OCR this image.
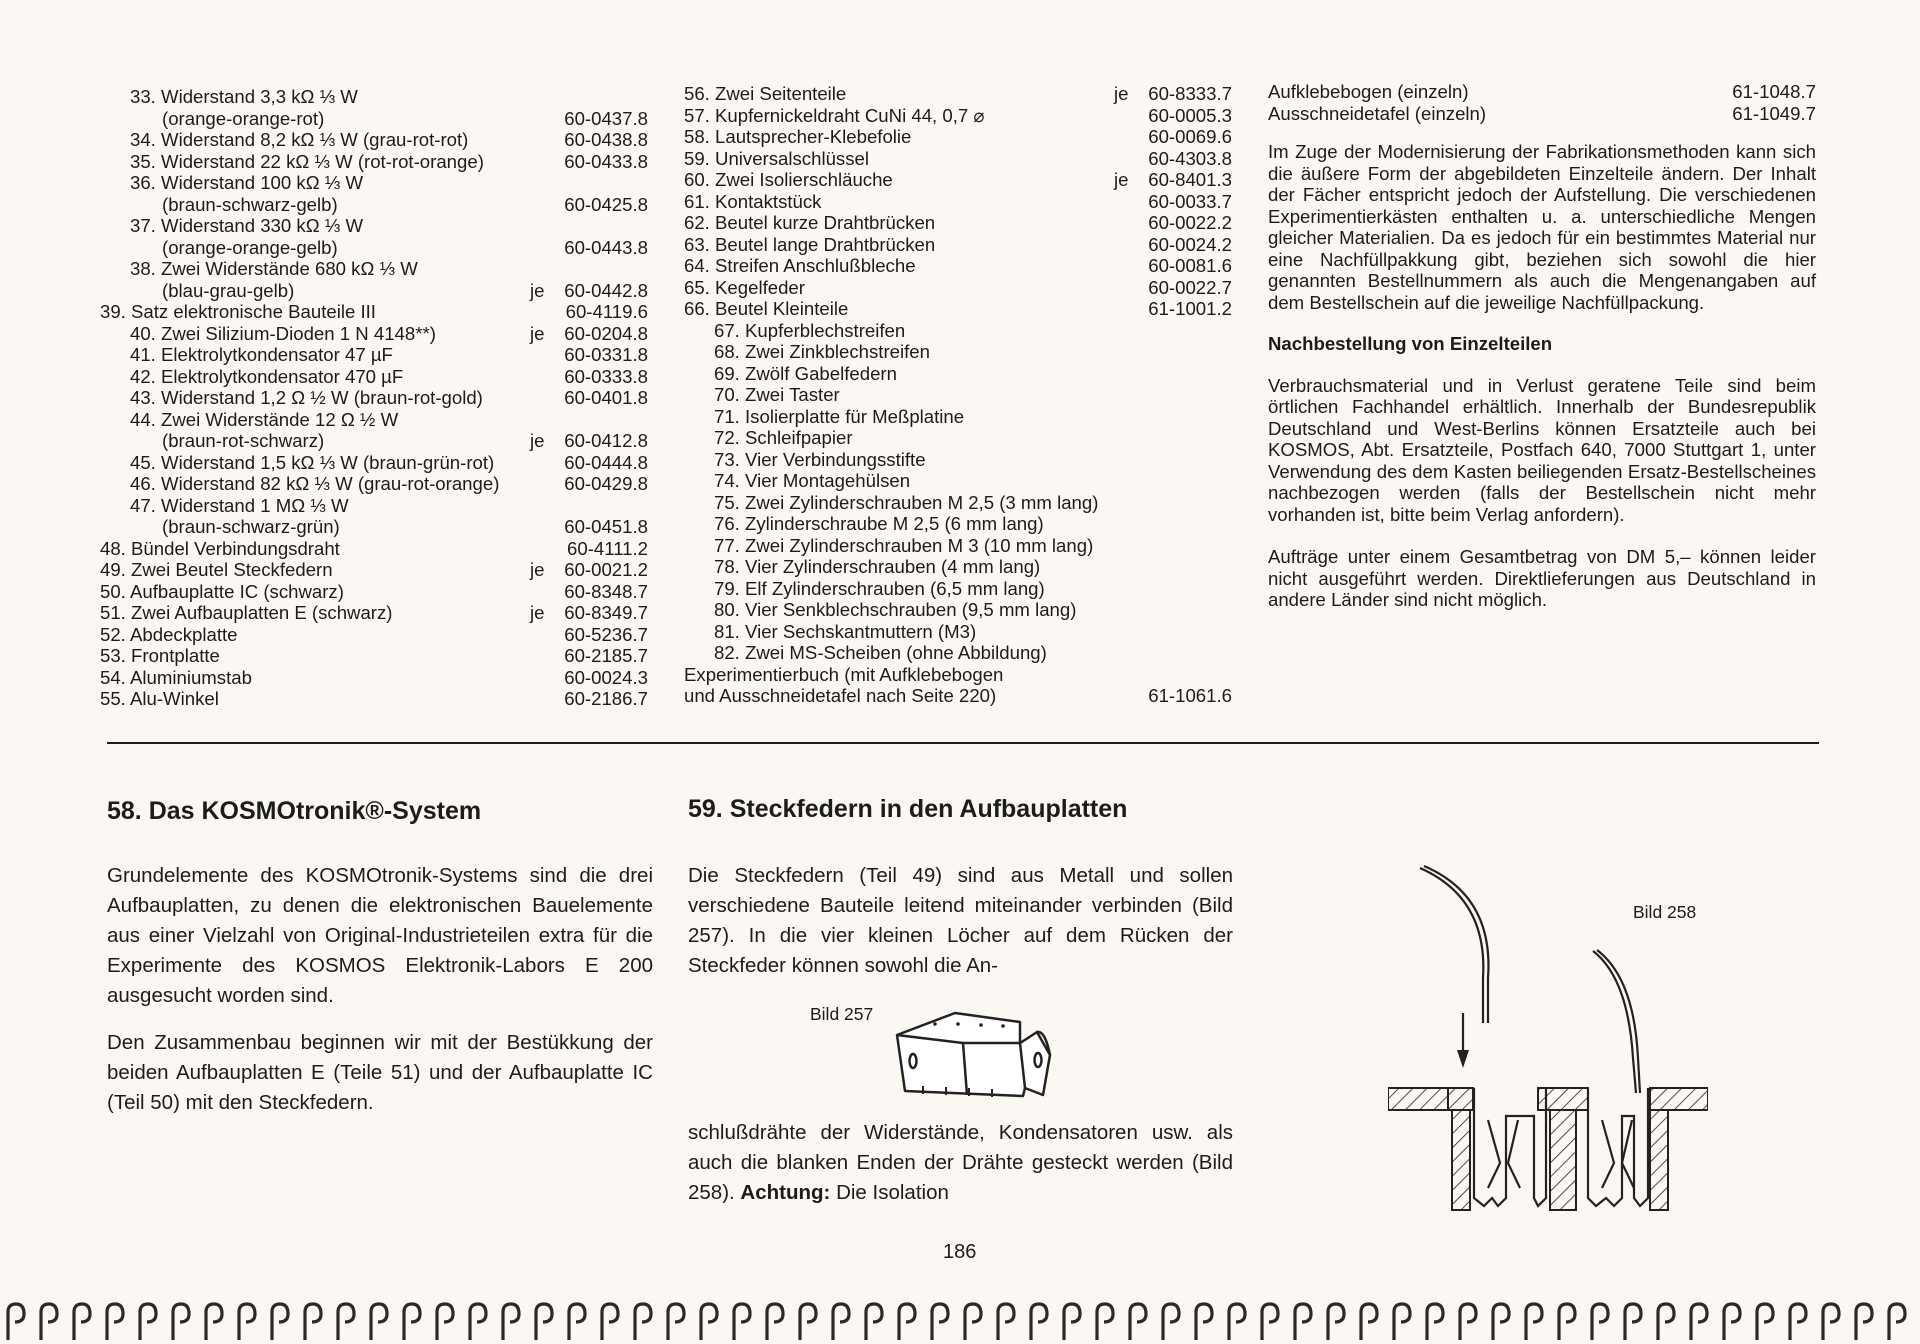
33. Widerstand 3,3 kΩ ⅓ W
(orange-orange-rot)	60-0437.8
34. Widerstand 8,2 kΩ ⅓ W (grau-rot-rot)	60-0438.8
35. Widerstand 22 kΩ ⅓ W (rot-rot-orange)	60-0433.8
36. Widerstand 100 kΩ ⅓ W
(braun-schwarz-gelb)	60-0425.8
37. Widerstand 330 kΩ ⅓ W
(orange-orange-gelb)	60-0443.8
38. Zwei Widerstände 680 kΩ ⅓ W
(blau-grau-gelb)	je	60-0442.8
39. Satz elektronische Bauteile III	60-4119.6
40. Zwei Silizium-Dioden 1 N 4148**)	je	60-0204.8
41. Elektrolytkondensator 47 µF	60-0331.8
42. Elektrolytkondensator 470 µF	60-0333.8
43. Widerstand 1,2 Ω ½ W (braun-rot-gold)	60-0401.8
44. Zwei Widerstände 12 Ω ½ W
(braun-rot-schwarz)	je	60-0412.8
45. Widerstand 1,5 kΩ ⅓ W (braun-grün-rot)	60-0444.8
46. Widerstand 82 kΩ ⅓ W (grau-rot-orange)	60-0429.8
47. Widerstand 1 MΩ ⅓ W
(braun-schwarz-grün)	60-0451.8
48. Bündel Verbindungsdraht	60-4111.2
49. Zwei Beutel Steckfedern	je	60-0021.2
50. Aufbauplatte IC (schwarz)	60-8348.7
51. Zwei Aufbauplatten E (schwarz)	je	60-8349.7
52. Abdeckplatte	60-5236.7
53. Frontplatte	60-2185.7
54. Aluminiumstab	60-0024.3
55. Alu-Winkel	60-2186.7
56. Zwei Seitenteile	je	60-8333.7
57. Kupfernickeldraht CuNi 44, 0,7 ⌀	60-0005.3
58. Lautsprecher-Klebefolie	60-0069.6
59. Universalschlüssel	60-4303.8
60. Zwei Isolierschläuche	je	60-8401.3
61. Kontaktstück	60-0033.7
62. Beutel kurze Drahtbrücken	60-0022.2
63. Beutel lange Drahtbrücken	60-0024.2
64. Streifen Anschlußbleche	60-0081.6
65. Kegelfeder	60-0022.7
66. Beutel Kleinteile	61-1001.2
67. Kupferblechstreifen
68. Zwei Zinkblechstreifen
69. Zwölf Gabelfedern
70. Zwei Taster
71. Isolierplatte für Meßplatine
72. Schleifpapier
73. Vier Verbindungsstifte
74. Vier Montagehülsen
75. Zwei Zylinderschrauben M 2,5 (3 mm lang)
76. Zylinderschraube M 2,5 (6 mm lang)
77. Zwei Zylinderschrauben M 3 (10 mm lang)
78. Vier Zylinderschrauben (4 mm lang)
79. Elf Zylinderschrauben (6,5 mm lang)
80. Vier Senkblechschrauben (9,5 mm lang)
81. Vier Sechskantmuttern (M3)
82. Zwei MS-Scheiben (ohne Abbildung)
Experimentierbuch (mit Aufklebebogen
und Ausschneidetafel nach Seite 220)	61-1061.6
Aufklebebogen (einzeln)	61-1048.7
Ausschneidetafel (einzeln)	61-1049.7

Im Zuge der Modernisierung der Fabrikationsmethoden kann sich die äußere Form der abgebildeten Einzelteile ändern. Der Inhalt der Fächer entspricht jedoch der Aufstellung. Die verschiedenen Experimentierkästen enthalten u. a. unterschiedliche Mengen gleicher Materialien. Da es jedoch für ein bestimmtes Material nur eine Nachfüllpakkung gibt, beziehen sich sowohl die hier genannten Bestellnummern als auch die Mengenangaben auf dem Bestellschein auf die jeweilige Nachfüllpackung.

Nachbestellung von Einzelteilen

Verbrauchsmaterial und in Verlust geratene Teile sind beim örtlichen Fachhandel erhältlich. Innerhalb der Bundesrepublik Deutschland und West-Berlins können Ersatzteile auch bei KOSMOS, Abt. Ersatzteile, Postfach 640, 7000 Stuttgart 1, unter Verwendung des dem Kasten beiliegenden Ersatz-Bestellscheines nachbezogen werden (falls der Bestellschein nicht mehr vorhanden ist, bitte beim Verlag anfordern).

Aufträge unter einem Gesamtbetrag von DM 5,– können leider nicht ausgeführt werden. Direktlieferungen aus Deutschland in andere Länder sind nicht möglich.

58. Das KOSMOtronik®-System

Grundelemente des KOSMOtronik-Systems sind die drei Aufbauplatten, zu denen die elektronischen Bauelemente aus einer Vielzahl von Original-Industrieteilen extra für die Experimente des KOSMOS Elektronik-Labors E 200 ausgesucht worden sind.

Den Zusammenbau beginnen wir mit der Bestükkung der beiden Aufbauplatten E (Teile 51) und der Aufbauplatte IC (Teil 50) mit den Steckfedern.

59. Steckfedern in den Aufbauplatten

Die Steckfedern (Teil 49) sind aus Metall und sollen verschiedene Bauteile leitend miteinander verbinden (Bild 257). In die vier kleinen Löcher auf dem Rücken der Steckfeder können sowohl die An-

schlußdrähte der Widerstände, Kondensatoren usw. als auch die blanken Enden der Drähte gesteckt werden (Bild 258). Achtung: Die Isolation

Bild 257
Bild 258
186
